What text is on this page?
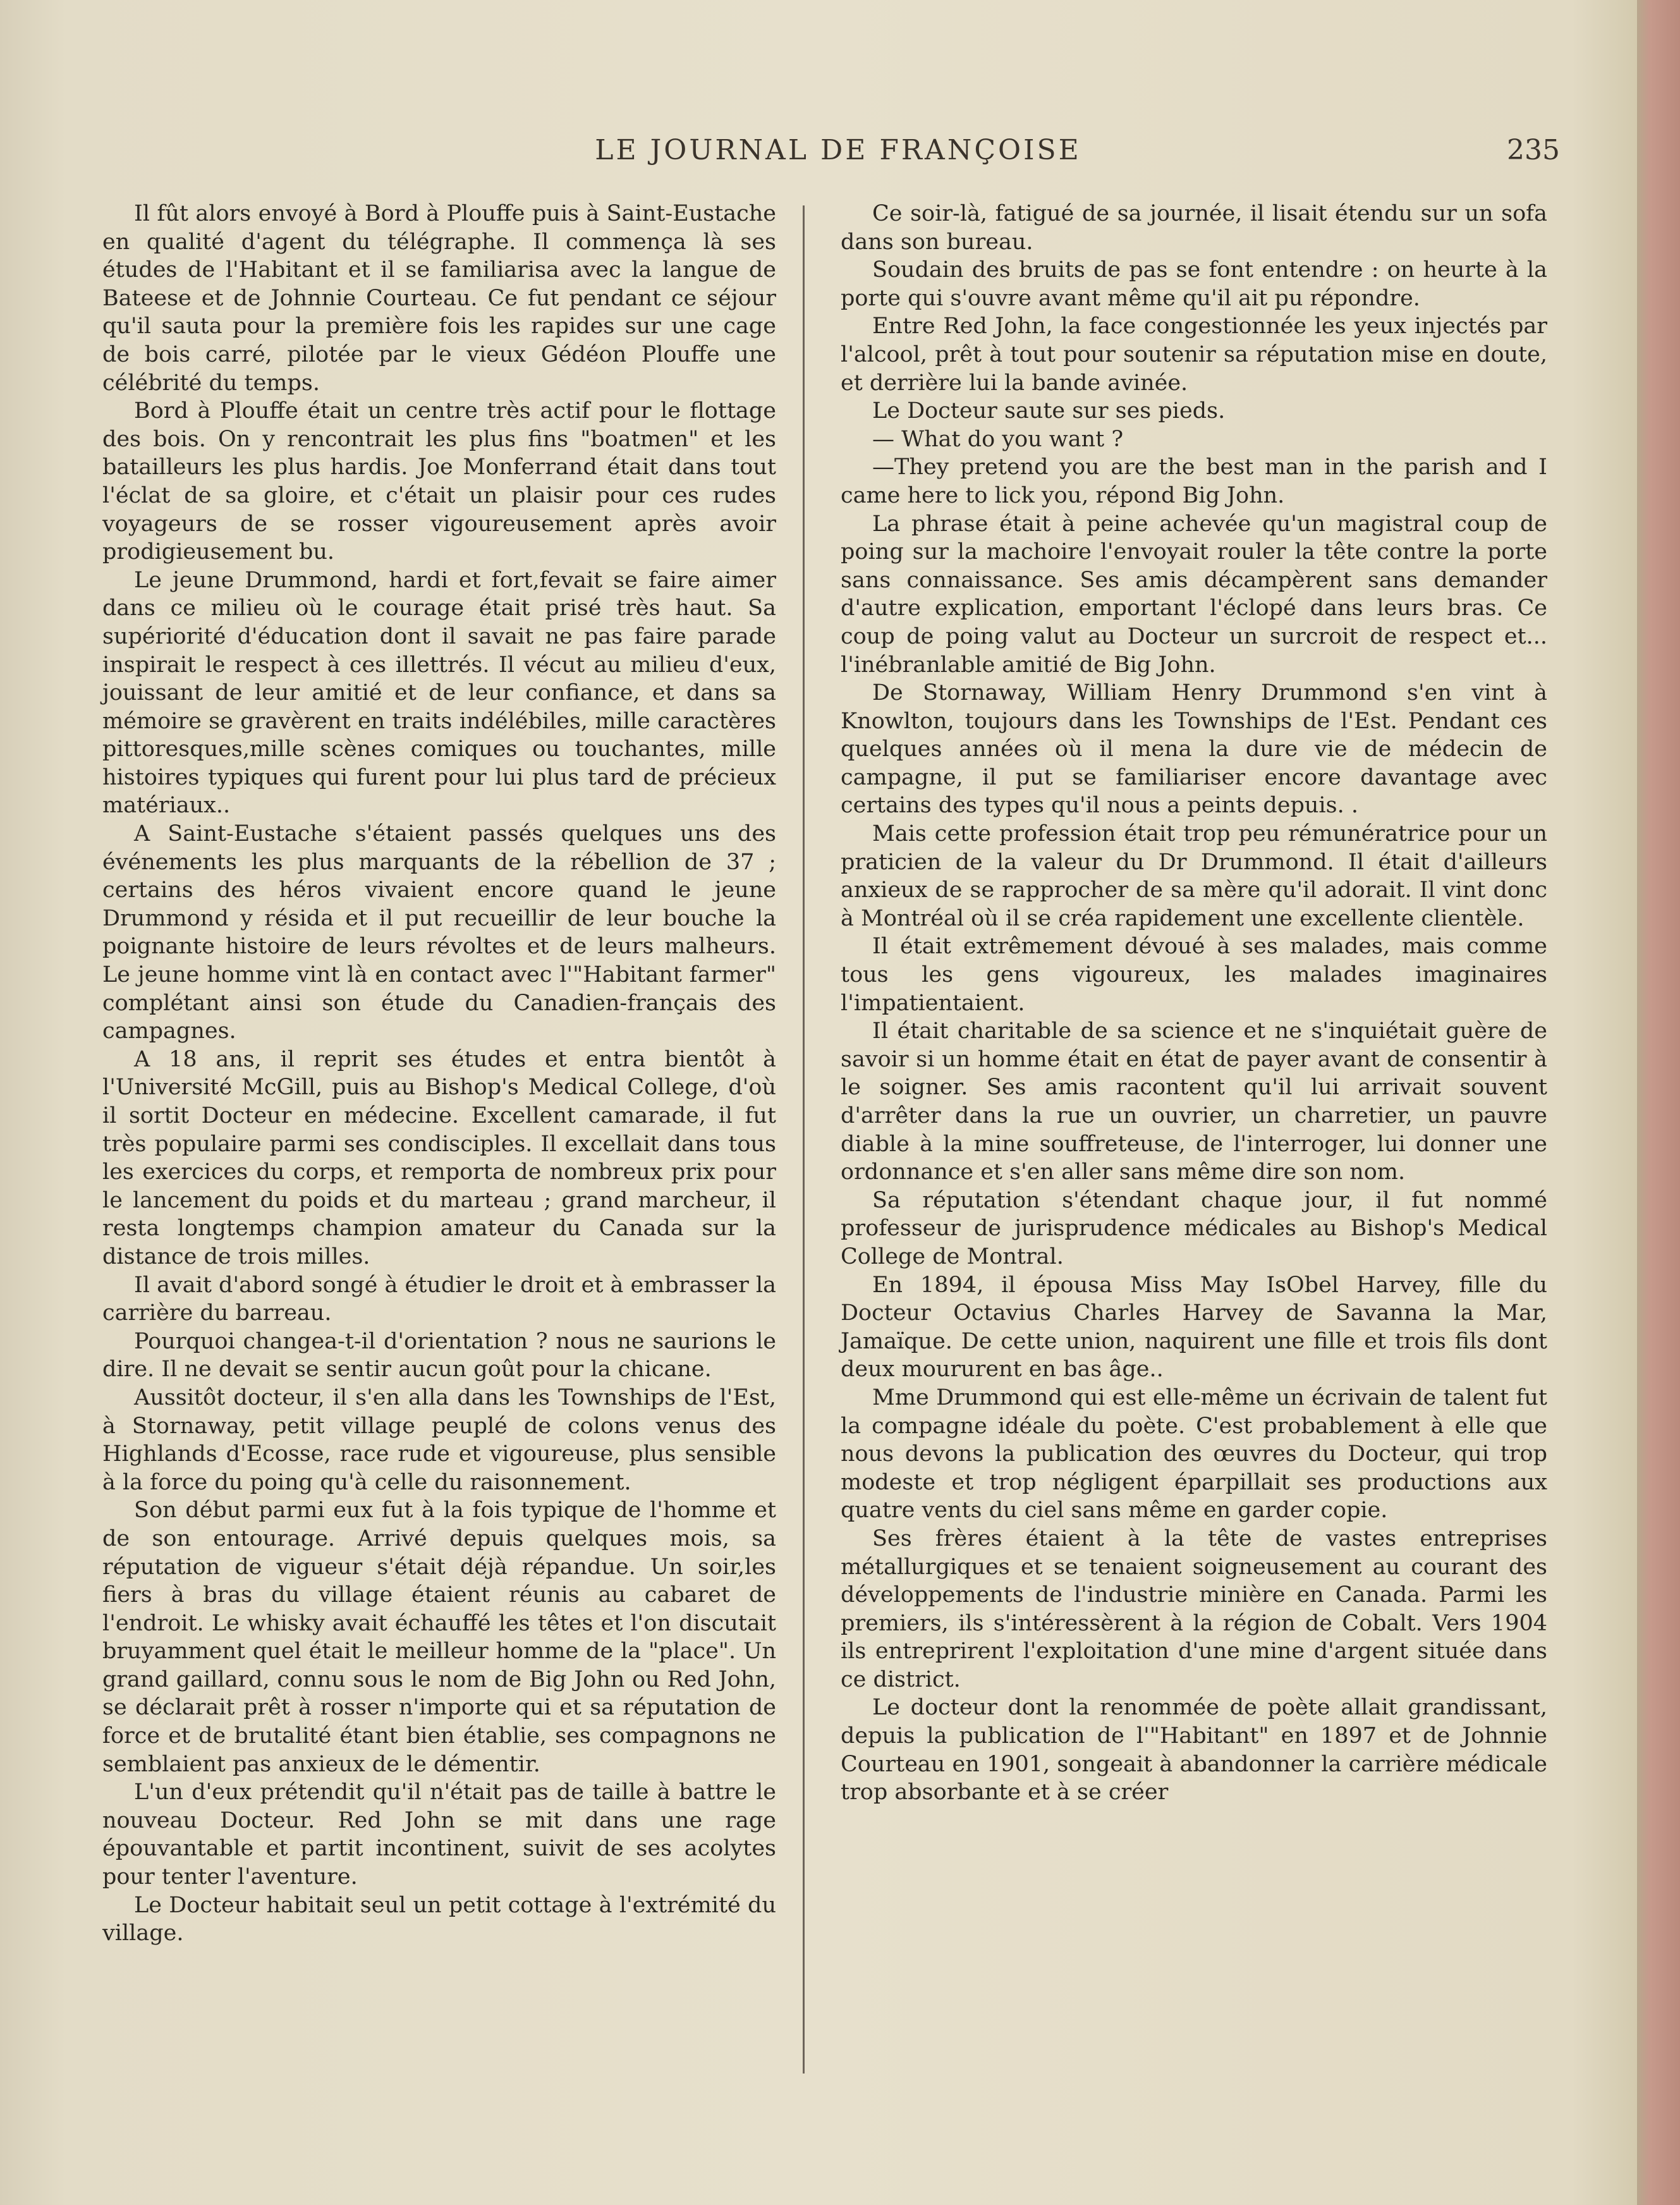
LE JOURNAL DE FRANÇOISE	235

Il fût alors envoyé à Bord à Plouffe puis à Saint-Eustache en qualité d'agent du télégraphe. Il commença là ses études de l'Habitant et il se familiarisa avec la langue de Bateese et de Johnnie Courteau. Ce fut pendant ce séjour qu'il sauta pour la première fois les rapides sur une cage de bois carré, pilotée par le vieux Gédéon Plouffe une célébrité du temps.

Bord à Plouffe était un centre très actif pour le flottage des bois. On y rencontrait les plus fins "boatmen" et les batailleurs les plus hardis. Joe Monferrand était dans tout l'éclat de sa gloire, et c'était un plaisir pour ces rudes voyageurs de se rosser vigoureusement après avoir prodigieusement bu.

Le jeune Drummond, hardi et fort,fevait se faire aimer dans ce milieu où le courage était prisé très haut. Sa supériorité d'éducation dont il savait ne pas faire parade inspirait le respect à ces illettrés. Il vécut au milieu d'eux, jouissant de leur amitié et de leur confiance, et dans sa mémoire se gravèrent en traits indélébiles, mille caractères pittoresques,mille scènes comiques ou touchantes, mille histoires typiques qui furent pour lui plus tard de précieux matériaux..

A Saint-Eustache s'étaient passés quelques uns des événements les plus marquants de la rébellion de 37 ; certains des héros vivaient encore quand le jeune Drummond y résida et il put recueillir de leur bouche la poignante histoire de leurs révoltes et de leurs malheurs. Le jeune homme vint là en contact avec l'"Habitant farmer" complétant ainsi son étude du Canadien-français des campagnes.

A 18 ans, il reprit ses études et entra bientôt à l'Université McGill, puis au Bishop's Medical College, d'où il sortit Docteur en médecine. Excellent camarade, il fut très populaire parmi ses condisciples. Il excellait dans tous les exercices du corps, et remporta de nombreux prix pour le lancement du poids et du marteau ; grand marcheur, il resta longtemps champion amateur du Canada sur la distance de trois milles.

Il avait d'abord songé à étudier le droit et à embrasser la carrière du barreau.

Pourquoi changea-t-il d'orientation ? nous ne saurions le dire. Il ne devait se sentir aucun goût pour la chicane.

Aussitôt docteur, il s'en alla dans les Townships de l'Est, à Stornaway, petit village peuplé de colons venus des Highlands d'Ecosse, race rude et vigoureuse, plus sensible à la force du poing qu'à celle du raisonnement.

Son début parmi eux fut à la fois typique de l'homme et de son entourage. Arrivé depuis quelques mois, sa réputation de vigueur s'était déjà répandue. Un soir,les fiers à bras du village étaient réunis au cabaret de l'endroit. Le whisky avait échauffé les têtes et l'on discutait bruyamment quel était le meilleur homme de la "place". Un grand gaillard, connu sous le nom de Big John ou Red John, se déclarait prêt à rosser n'importe qui et sa réputation de force et de brutalité étant bien établie, ses compagnons ne semblaient pas anxieux de le démentir.

L'un d'eux prétendit qu'il n'était pas de taille à battre le nouveau Docteur. Red John se mit dans une rage épouvantable et partit incontinent, suivit de ses acolytes pour tenter l'aventure.

Le Docteur habitait seul un petit cottage à l'extrémité du village.

Ce soir-là, fatigué de sa journée, il lisait étendu sur un sofa dans son bureau.

Soudain des bruits de pas se font entendre : on heurte à la porte qui s'ouvre avant même qu'il ait pu répondre.

Entre Red John, la face congestionnée les yeux injectés par l'alcool, prêt à tout pour soutenir sa réputation mise en doute, et derrière lui la bande avinée.

Le Docteur saute sur ses pieds.

— What do you want ?

—They pretend you are the best man in the parish and I came here to lick you, répond Big John.

La phrase était à peine achevée qu'un magistral coup de poing sur la machoire l'envoyait rouler la tête contre la porte sans connaissance. Ses amis décampèrent sans demander d'autre explication, emportant l'éclopé dans leurs bras. Ce coup de poing valut au Docteur un surcroit de respect et... l'inébranlable amitié de Big John.

De Stornaway, William Henry Drummond s'en vint à Knowlton, toujours dans les Townships de l'Est. Pendant ces quelques années où il mena la dure vie de médecin de campagne, il put se familiariser encore davantage avec certains des types qu'il nous a peints depuis. .

Mais cette profession était trop peu rémunératrice pour un praticien de la valeur du Dr Drummond. Il était d'ailleurs anxieux de se rapprocher de sa mère qu'il adorait. Il vint donc à Montréal où il se créa rapidement une excellente clientèle.

Il était extrêmement dévoué à ses malades, mais comme tous les gens vigoureux, les malades imaginaires l'impatientaient.

Il était charitable de sa science et ne s'inquiétait guère de savoir si un homme était en état de payer avant de consentir à le soigner. Ses amis racontent qu'il lui arrivait souvent d'arrêter dans la rue un ouvrier, un charretier, un pauvre diable à la mine souffreteuse, de l'interroger, lui donner une ordonnance et s'en aller sans même dire son nom.

Sa réputation s'étendant chaque jour, il fut nommé professeur de jurisprudence médicales au Bishop's Medical College de Montral.

En 1894, il épousa Miss May IsObel Harvey, fille du Docteur Octavius Charles Harvey de Savanna la Mar, Jamaïque. De cette union, naquirent une fille et trois fils dont deux moururent en bas âge..

Mme Drummond qui est elle-même un écrivain de talent fut la compagne idéale du poète. C'est probablement à elle que nous devons la publication des œuvres du Docteur, qui trop modeste et trop négligent éparpillait ses productions aux quatre vents du ciel sans même en garder copie.

Ses frères étaient à la tête de vastes entreprises métallurgiques et se tenaient soigneusement au courant des développements de l'industrie minière en Canada. Parmi les premiers, ils s'intéressèrent à la région de Cobalt. Vers 1904 ils entreprirent l'exploitation d'une mine d'argent située dans ce district.

Le docteur dont la renommée de poète allait grandissant, depuis la publication de l'"Habitant" en 1897 et de Johnnie Courteau en 1901, songeait à abandonner la carrière médicale trop absorbante et à se créer
